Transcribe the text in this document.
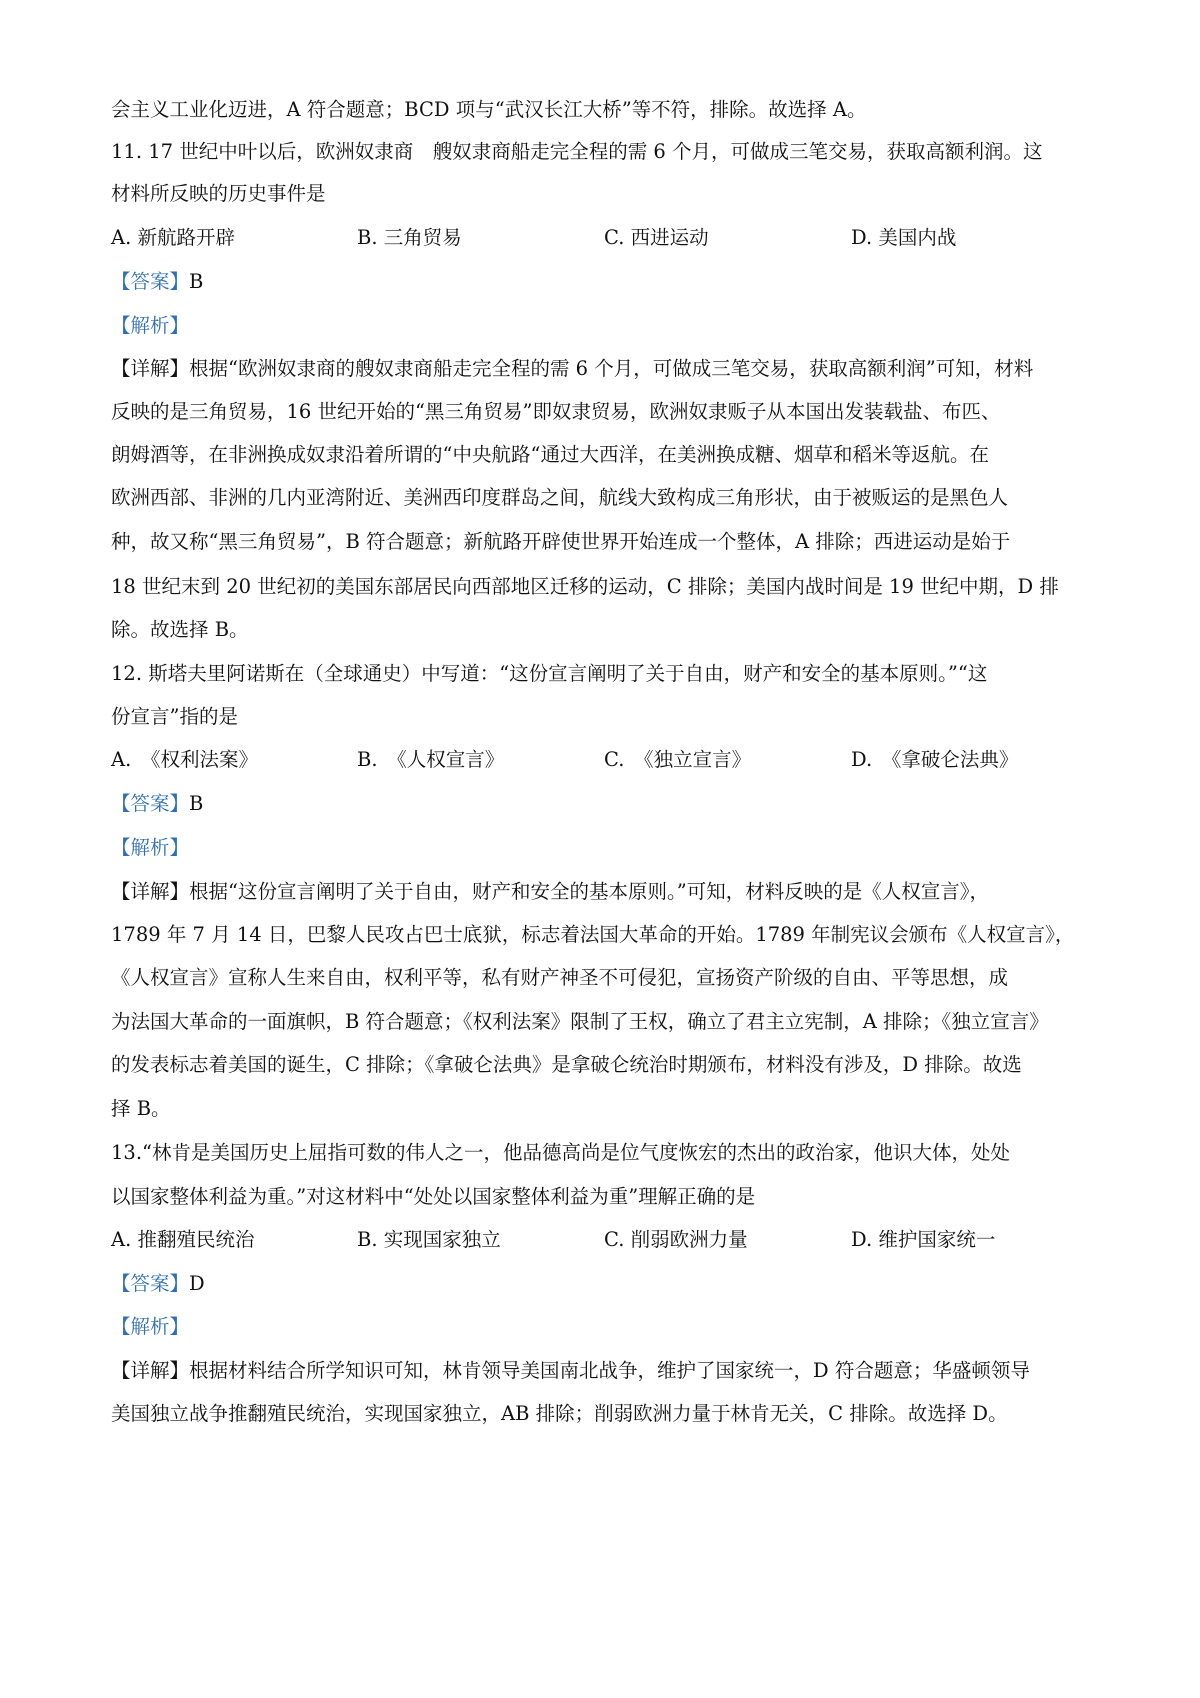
会主义工业化迈进，A 符合题意；BCD 项与“武汉长江大桥”等不符，排除。故选择 A。
11. 17 世纪中叶以后，欧洲奴隶商　艘奴隶商船走完全程的需 6 个月，可做成三笔交易，获取高额利润。这
材料所反映的历史事件是
A. 新航路开辟	B. 三角贸易	C. 西进运动	D. 美国内战
【答案】B
【解析】
【详解】根据“欧洲奴隶商的艘奴隶商船走完全程的需 6 个月，可做成三笔交易，获取高额利润”可知，材料
反映的是三角贸易，16 世纪开始的“黑三角贸易”即奴隶贸易，欧洲奴隶贩子从本国出发装载盐、布匹、
朗姆酒等，在非洲换成奴隶沿着所谓的“中央航路“通过大西洋，在美洲换成糖、烟草和稻米等返航。在
欧洲西部、非洲的几内亚湾附近、美洲西印度群岛之间，航线大致构成三角形状，由于被贩运的是黑色人
种，故又称“黑三角贸易”，B 符合题意；新航路开辟使世界开始连成一个整体，A 排除；西进运动是始于
18 世纪末到 20 世纪初的美国东部居民向西部地区迁移的运动，C 排除；美国内战时间是 19 世纪中期，D 排
除。故选择 B。
12. 斯塔夫里阿诺斯在（全球通史）中写道：“这份宣言阐明了关于自由，财产和安全的基本原则。”“这
份宣言”指的是
A.　《权利法案》	B.　《人权宣言》	C.　《独立宣言》	D.　《拿破仑法典》
【答案】B
【解析】
【详解】根据“这份宣言阐明了关于自由，财产和安全的基本原则。”可知，材料反映的是《人权宣言》，
1789 年 7 月 14 日，巴黎人民攻占巴士底狱，标志着法国大革命的开始。1789 年制宪议会颁布《人权宣言》，
《人权宣言》宣称人生来自由，权利平等，私有财产神圣不可侵犯，宣扬资产阶级的自由、平等思想，成
为法国大革命的一面旗帜，B 符合题意；《权利法案》限制了王权，确立了君主立宪制，A 排除；《独立宣言》
的发表标志着美国的诞生，C 排除；《拿破仑法典》是拿破仑统治时期颁布，材料没有涉及，D 排除。故选
择 B。
13.“林肯是美国历史上屈指可数的伟人之一，他品德高尚是位气度恢宏的杰出的政治家，他识大体，处处
以国家整体利益为重。”对这材料中“处处以国家整体利益为重”理解正确的是
A. 推翻殖民统治	B. 实现国家独立	C. 削弱欧洲力量	D. 维护国家统一
【答案】D
【解析】
【详解】根据材料结合所学知识可知，林肯领导美国南北战争，维护了国家统一，D 符合题意；华盛顿领导
美国独立战争推翻殖民统治，实现国家独立，AB 排除；削弱欧洲力量于林肯无关，C 排除。故选择 D。
